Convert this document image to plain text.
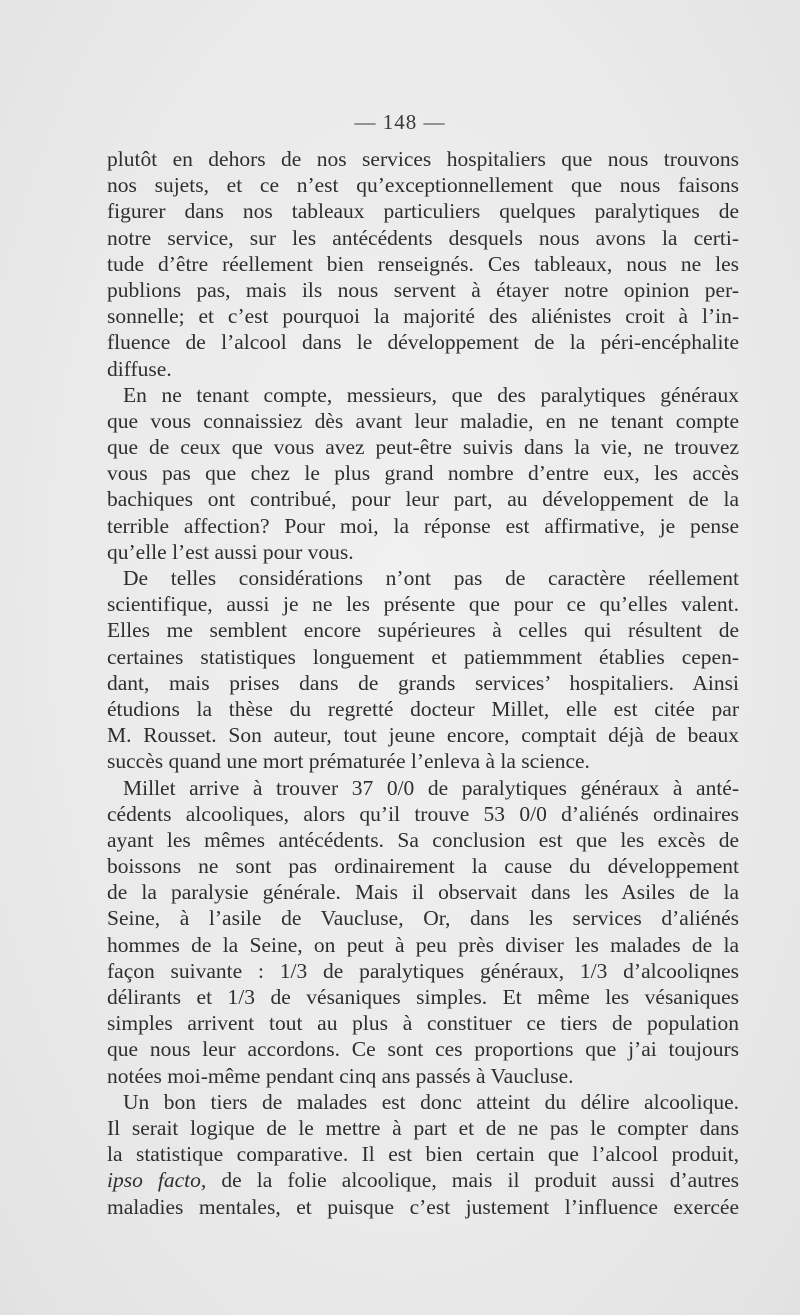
— 148 —
plutôt en dehors de nos services hospitaliers que nous trouvons
nos sujets, et ce n’est qu’exceptionnellement que nous faisons
figurer dans nos tableaux particuliers quelques paralytiques de
notre service, sur les antécédents desquels nous avons la certi-
tude d’être réellement bien renseignés. Ces tableaux, nous ne les
publions pas, mais ils nous servent à étayer notre opinion per-
sonnelle; et c’est pourquoi la majorité des aliénistes croit à l’in-
fluence de l’alcool dans le développement de la péri-encéphalite
diffuse.
En ne tenant compte, messieurs, que des paralytiques généraux
que vous connaissiez dès avant leur maladie, en ne tenant compte
que de ceux que vous avez peut-être suivis dans la vie, ne trouvez
vous pas que chez le plus grand nombre d’entre eux, les accès
bachiques ont contribué, pour leur part, au développement de la
terrible affection? Pour moi, la réponse est affirmative, je pense
qu’elle l’est aussi pour vous.
De telles considérations n’ont pas de caractère réellement
scientifique, aussi je ne les présente que pour ce qu’elles valent.
Elles me semblent encore supérieures à celles qui résultent de
certaines statistiques longuement et patiemmment établies cepen-
dant, mais prises dans de grands services’ hospitaliers. Ainsi
étudions la thèse du regretté docteur Millet, elle est citée par
M. Rousset. Son auteur, tout jeune encore, comptait déjà de beaux
succès quand une mort prématurée l’enleva à la science.
Millet arrive à trouver 37 0/0 de paralytiques généraux à anté-
cédents alcooliques, alors qu’il trouve 53 0/0 d’aliénés ordinaires
ayant les mêmes antécédents. Sa conclusion est que les excès de
boissons ne sont pas ordinairement la cause du développement
de la paralysie générale. Mais il observait dans les Asiles de la
Seine, à l’asile de Vaucluse, Or, dans les services d’aliénés
hommes de la Seine, on peut à peu près diviser les malades de la
façon suivante : 1/3 de paralytiques généraux, 1/3 d’alcooliqnes
délirants et 1/3 de vésaniques simples. Et même les vésaniques
simples arrivent tout au plus à constituer ce tiers de population
que nous leur accordons. Ce sont ces proportions que j’ai toujours
notées moi-même pendant cinq ans passés à Vaucluse.
Un bon tiers de malades est donc atteint du délire alcoolique.
Il serait logique de le mettre à part et de ne pas le compter dans
la statistique comparative. Il est bien certain que l’alcool produit,
ipso facto, de la folie alcoolique, mais il produit aussi d’autres
maladies mentales, et puisque c’est justement l’influence exercée
